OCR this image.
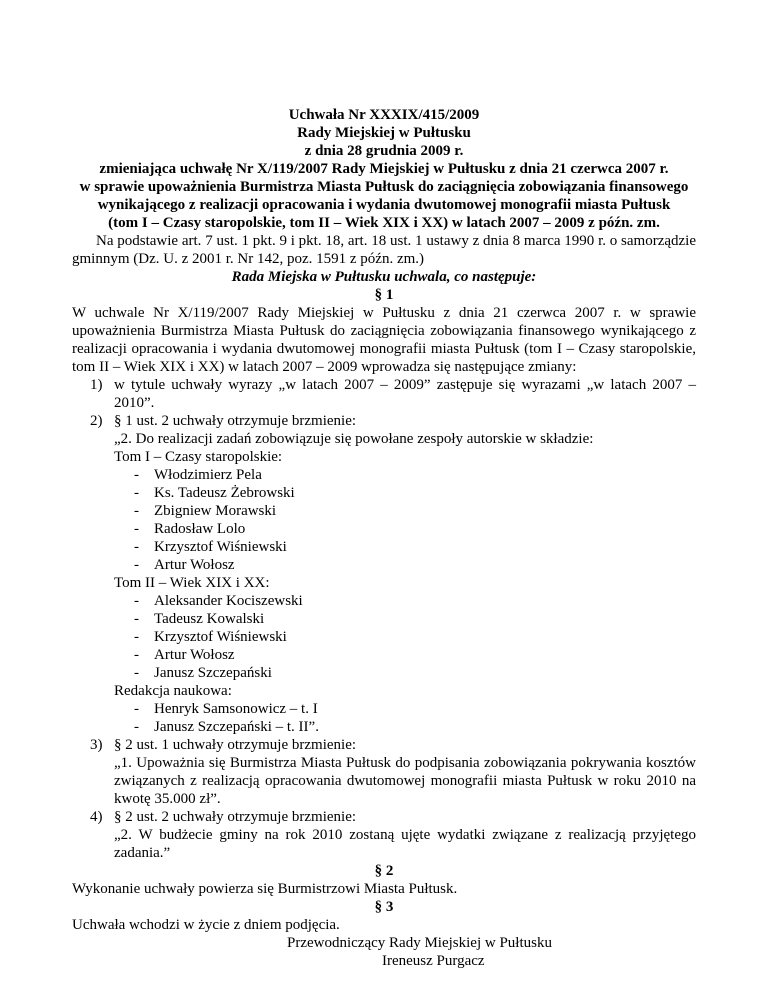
Uchwała Nr XXXIX/415/2009
Rady Miejskiej w Pułtusku
z dnia 28 grudnia 2009 r.
zmieniająca uchwałę Nr X/119/2007 Rady Miejskiej w Pułtusku z dnia 21 czerwca 2007 r.
w sprawie upoważnienia Burmistrza Miasta Pułtusk do zaciągnięcia zobowiązania finansowego
wynikającego z realizacji opracowania i wydania dwutomowej monografii miasta Pułtusk
(tom I – Czasy staropolskie, tom II – Wiek XIX i XX) w latach 2007 – 2009 z późn. zm.
Na podstawie art. 7 ust. 1 pkt. 9 i pkt. 18, art. 18 ust. 1 ustawy z dnia 8 marca 1990 r. o samorządzie gminnym (Dz. U. z 2001 r. Nr 142, poz. 1591 z późn. zm.)
Rada Miejska w Pułtusku uchwala, co następuje:
§ 1
W uchwale Nr X/119/2007 Rady Miejskiej w Pułtusku z dnia 21 czerwca 2007 r. w sprawie upoważnienia Burmistrza Miasta Pułtusk do zaciągnięcia zobowiązania finansowego wynikającego z realizacji opracowania i wydania dwutomowej monografii miasta Pułtusk (tom I – Czasy staropolskie, tom II – Wiek XIX i XX) w latach 2007 – 2009 wprowadza się następujące zmiany:
1) w tytule uchwały wyrazy „w latach 2007 – 2009” zastępuje się wyrazami „w latach 2007 – 2010”.
2) § 1 ust. 2 uchwały otrzymuje brzmienie:
„2. Do realizacji zadań zobowiązuje się powołane zespoły autorskie w składzie:
Tom I – Czasy staropolskie:
- Włodzimierz Pela
- Ks. Tadeusz Żebrowski
- Zbigniew Morawski
- Radosław Lolo
- Krzysztof Wiśniewski
- Artur Wołosz
Tom II – Wiek XIX i XX:
- Aleksander Kociszewski
- Tadeusz Kowalski
- Krzysztof Wiśniewski
- Artur Wołosz
- Janusz Szczepański
Redakcja naukowa:
- Henryk Samsonowicz – t. I
- Janusz Szczepański – t. II”.
3) § 2 ust. 1 uchwały otrzymuje brzmienie:
„1. Upoważnia się Burmistrza Miasta Pułtusk do podpisania zobowiązania pokrywania kosztów związanych z realizacją opracowania dwutomowej monografii miasta Pułtusk w roku 2010 na kwotę 35.000 zł”.
4) § 2 ust. 2 uchwały otrzymuje brzmienie:
„2. W budżecie gminy na rok 2010 zostaną ujęte wydatki związane z realizacją przyjętego zadania.”
§ 2
Wykonanie uchwały powierza się Burmistrzowi Miasta Pułtusk.
§ 3
Uchwała wchodzi w życie z dniem podjęcia.
Przewodniczący Rady Miejskiej w Pułtusku
Ireneusz Purgacz
